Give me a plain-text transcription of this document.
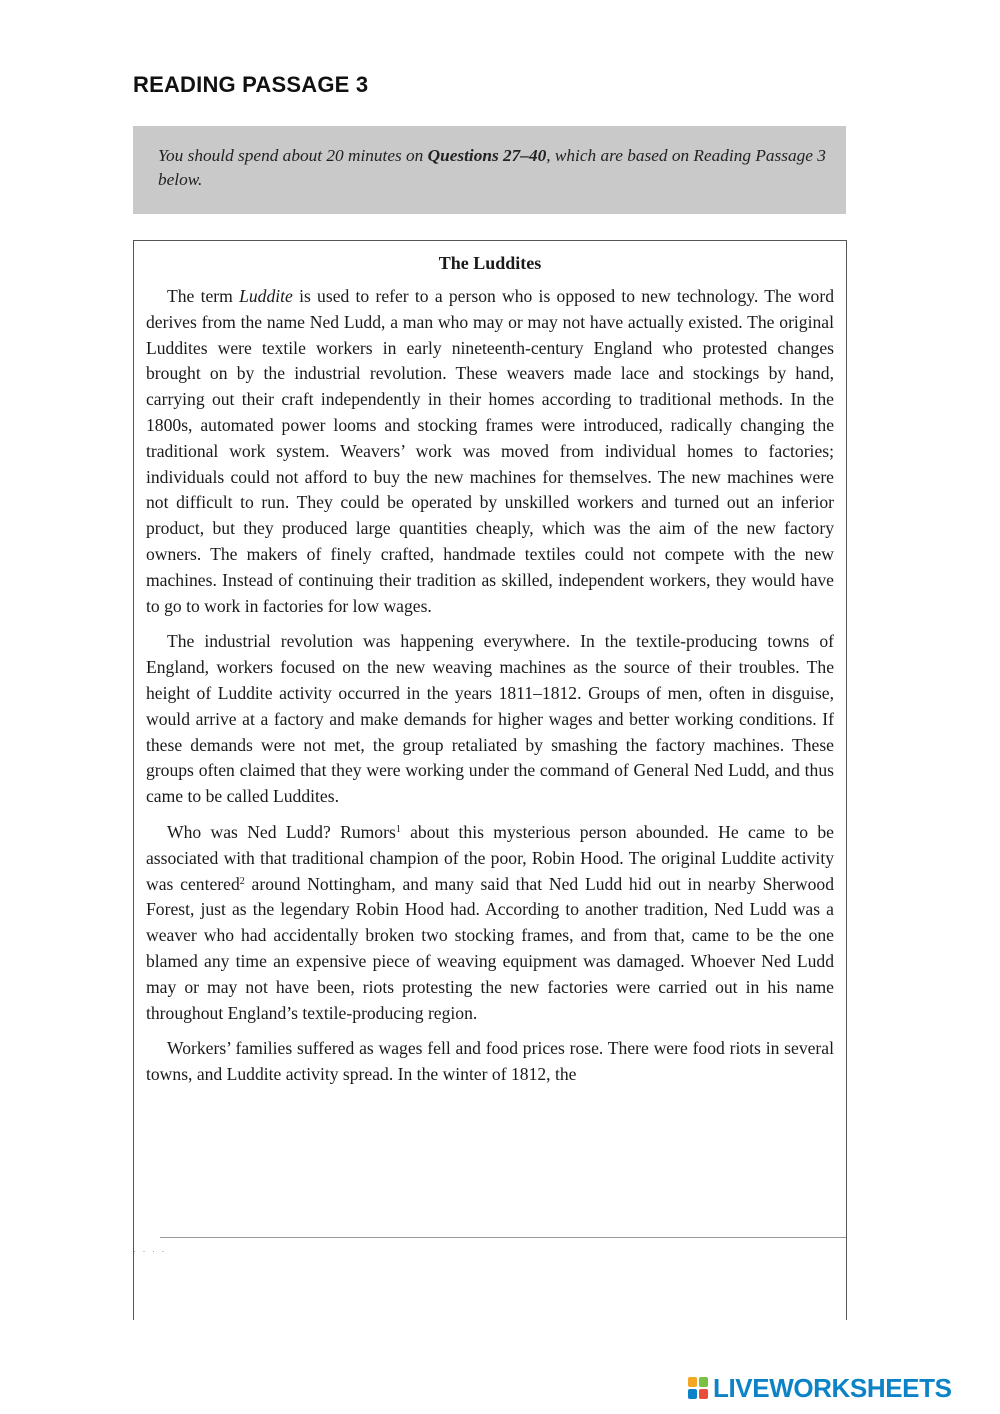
READING PASSAGE 3

You should spend about 20 minutes on Questions 27–40, which are based on Reading Passage 3 below.

The Luddites

The term Luddite is used to refer to a person who is opposed to new technology. The word derives from the name Ned Ludd, a man who may or may not have actually existed. The original Luddites were textile workers in early nineteenth-century England who protested changes brought on by the industrial revolution. These weavers made lace and stockings by hand, carrying out their craft independently in their homes according to traditional methods. In the 1800s, automated power looms and stocking frames were introduced, radically changing the traditional work system. Weavers’ work was moved from individual homes to factories; individuals could not afford to buy the new machines for themselves. The new machines were not difficult to run. They could be operated by unskilled workers and turned out an inferior product, but they produced large quantities cheaply, which was the aim of the new factory owners. The makers of finely crafted, handmade textiles could not compete with the new machines. Instead of continuing their tradition as skilled, independent workers, they would have to go to work in factories for low wages.

The industrial revolution was happening everywhere. In the textile-producing towns of England, workers focused on the new weaving machines as the source of their troubles. The height of Luddite activity occurred in the years 1811–1812. Groups of men, often in disguise, would arrive at a factory and make demands for higher wages and better working conditions. If these demands were not met, the group retaliated by smashing the factory machines. These groups often claimed that they were working under the command of General Ned Ludd, and thus came to be called Luddites.

Who was Ned Ludd? Rumors$^1$ about this mysterious person abounded. He came to be associated with that traditional champion of the poor, Robin Hood. The original Luddite activity was centered$^2$ around Nottingham, and many said that Ned Ludd hid out in nearby Sherwood Forest, just as the legendary Robin Hood had. According to another tradition, Ned Ludd was a weaver who had accidentally broken two stocking frames, and from that, came to be the one blamed any time an expensive piece of weaving equipment was damaged. Whoever Ned Ludd may or may not have been, riots protesting the new factories were carried out in his name throughout England’s textile-producing region.

Workers’ families suffered as wages fell and food prices rose. There were food riots in several towns, and Luddite activity spread. In the winter of 1812, the

· · · ·
LIVEWORKSHEETS
